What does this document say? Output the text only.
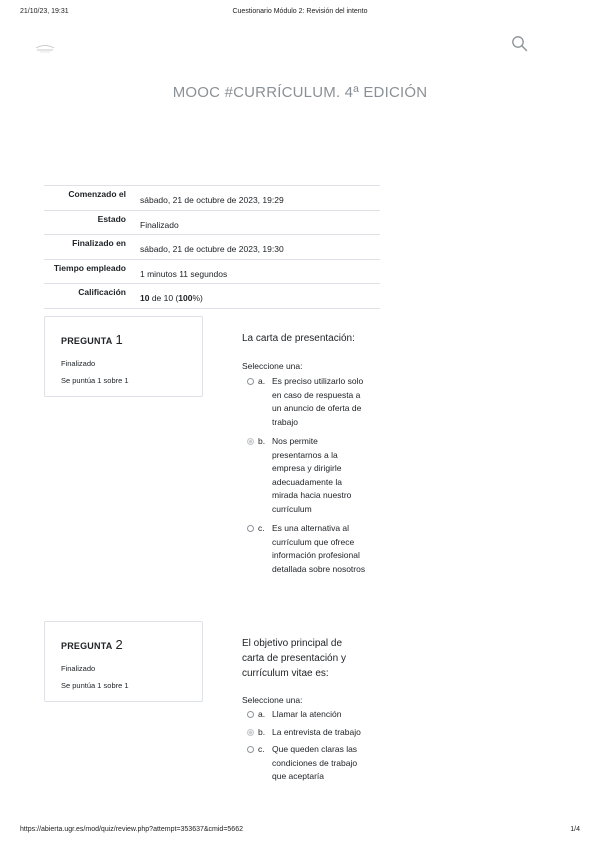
21/10/23, 19:31	Cuestionario Módulo 2: Revisión del intento
MOOC #CURRÍCULUM. 4ª EDICIÓN
Comenzado el
sábado, 21 de octubre de 2023, 19:29
Estado
Finalizado
Finalizado en
sábado, 21 de octubre de 2023, 19:30
Tiempo empleado
1 minutos 11 segundos
Calificación
10 de 10 (100%)
PREGUNTA 1
Finalizado
Se puntúa 1 sobre 1
La carta de presentación:
Seleccione una:
a. Es preciso utilizarlo solo en caso de respuesta a un anuncio de oferta de trabajo
b. Nos permite presentarnos a la empresa y dirigirle adecuadamente la mirada hacia nuestro currículum
c. Es una alternativa al currículum que ofrece información profesional detallada sobre nosotros
PREGUNTA 2
Finalizado
Se puntúa 1 sobre 1
El objetivo principal de carta de presentación y currículum vitae es:
Seleccione una:
a. Llamar la atención
b. La entrevista de trabajo
c. Que queden claras las condiciones de trabajo que aceptaría
https://abierta.ugr.es/mod/quiz/review.php?attempt=353637&cmid=5662	1/4
